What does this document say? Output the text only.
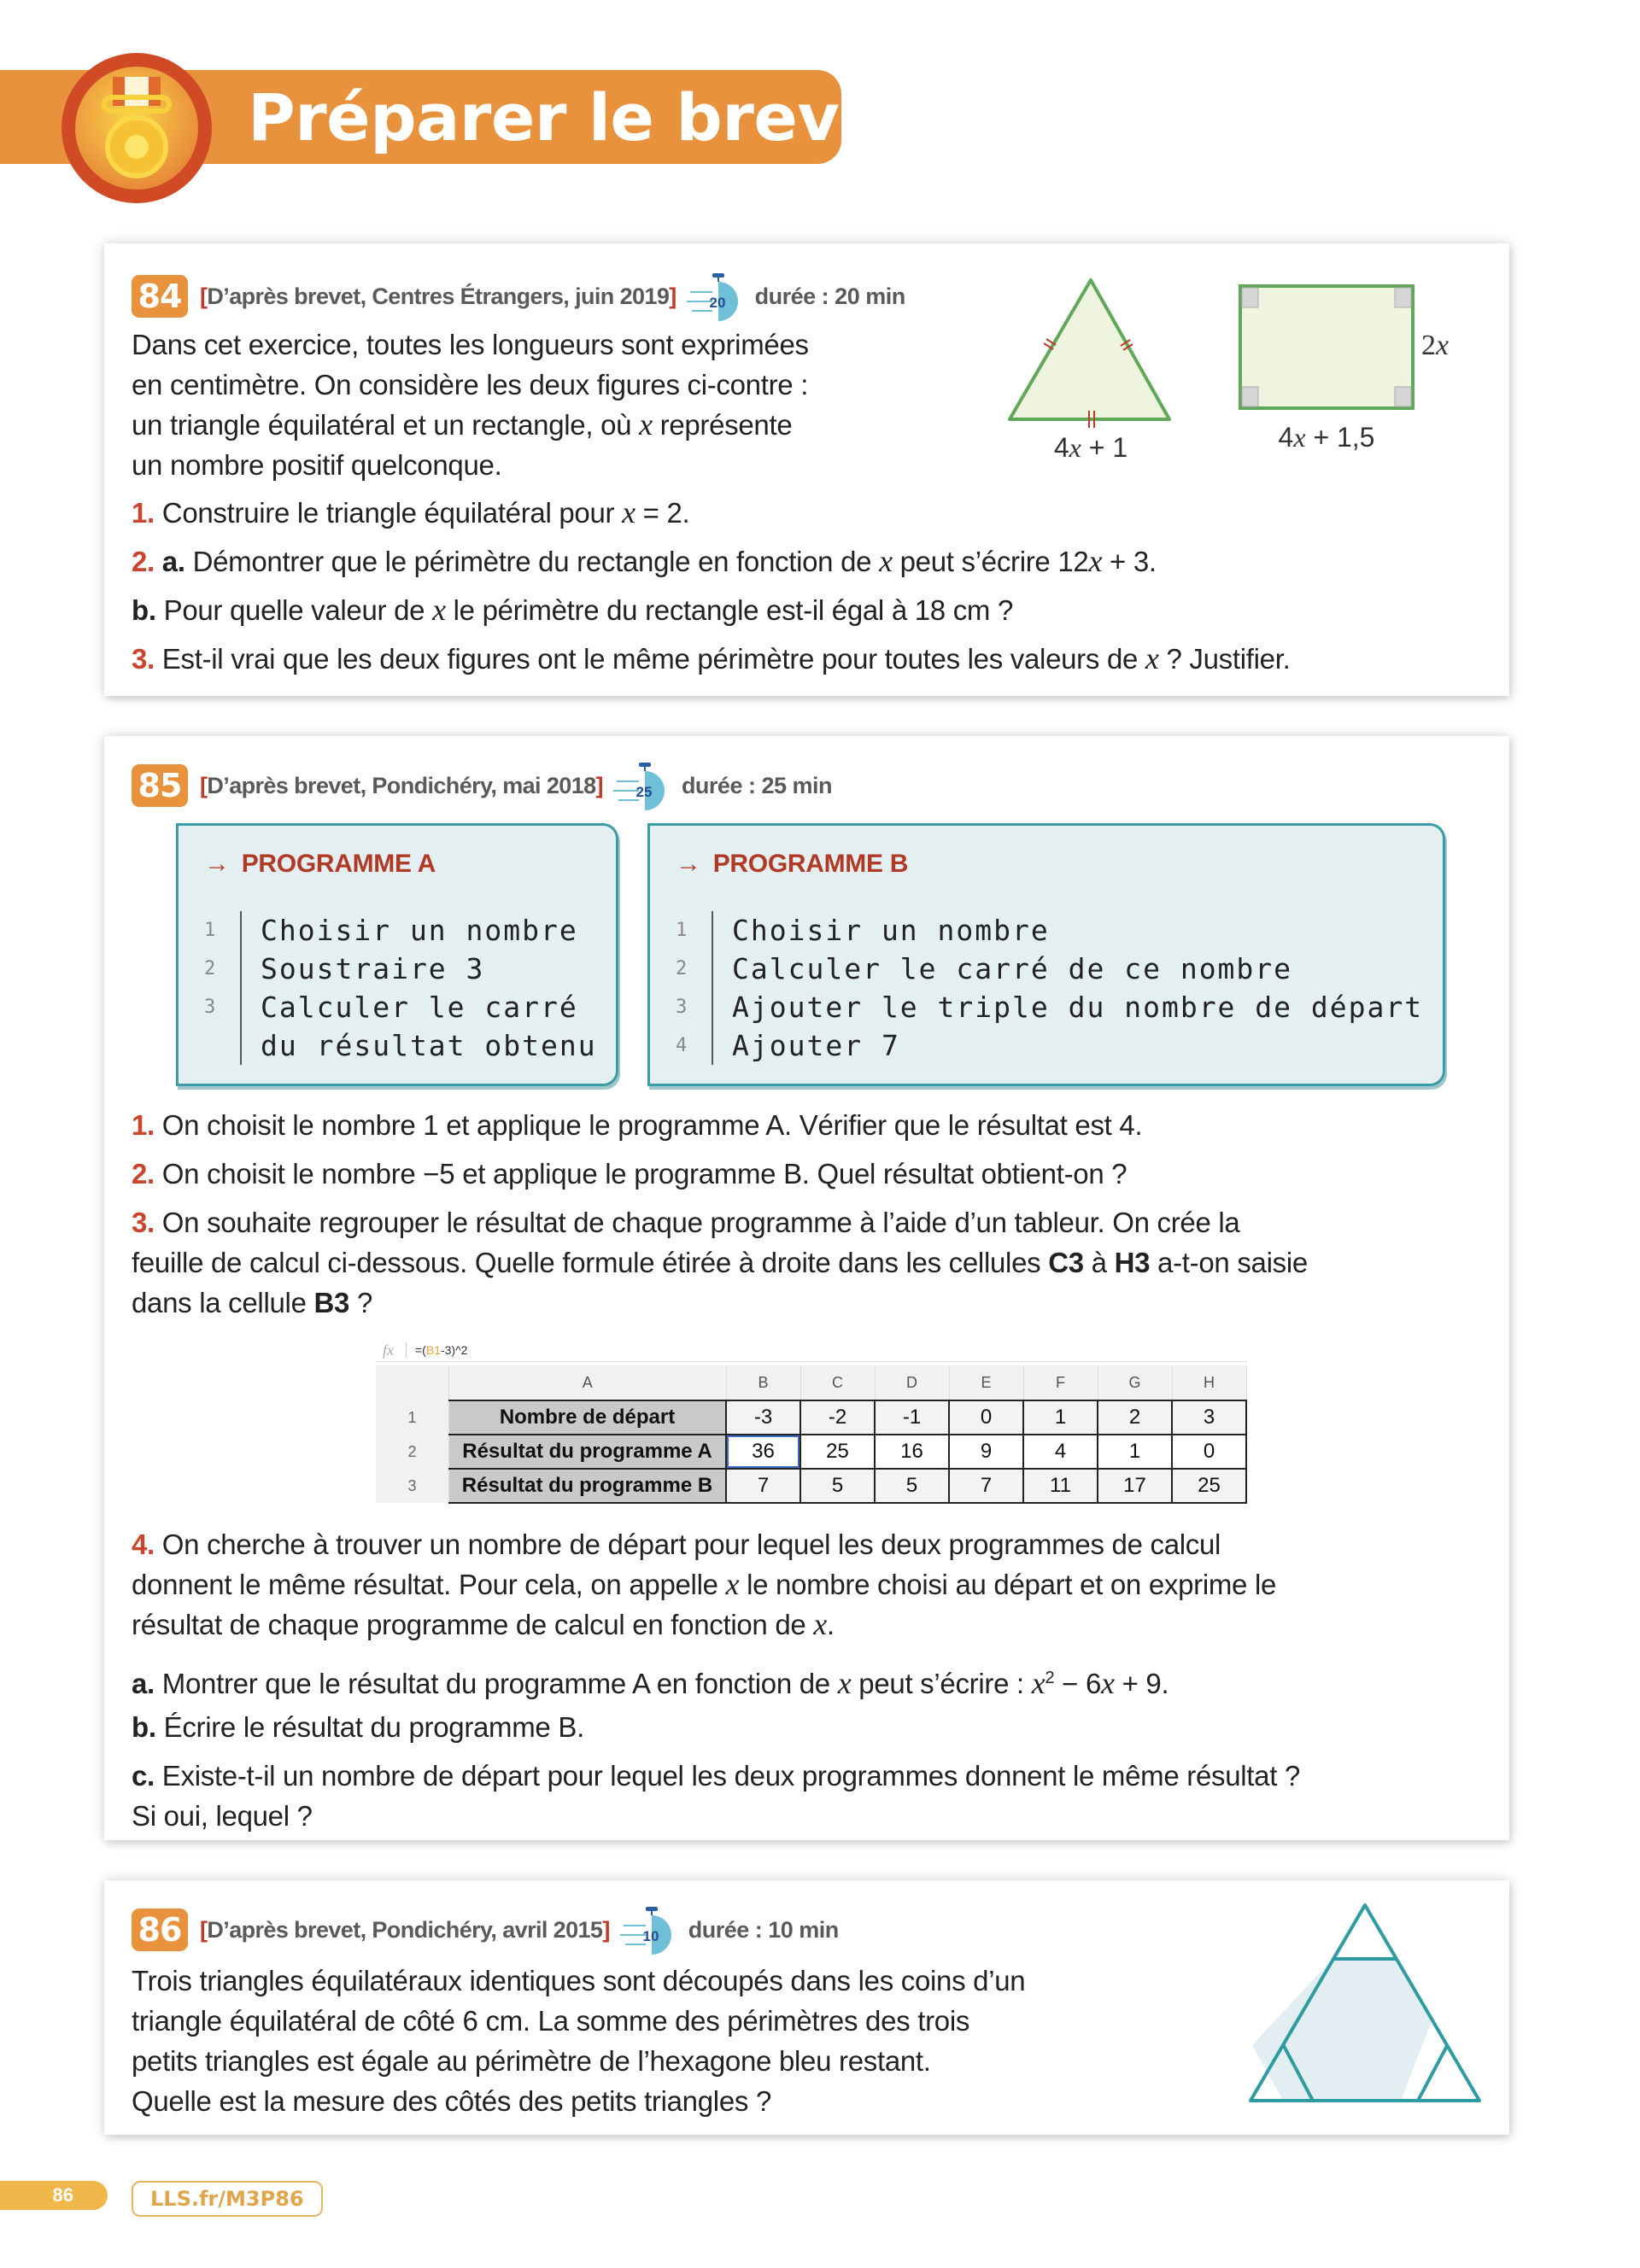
Préparer le brevet
84 [D’après brevet, Centres Étrangers, juin 2019] 20 durée : 20 min
Dans cet exercice, toutes les longueurs sont exprimées
en centimètre. On considère les deux figures ci-contre :
un triangle équilatéral et un rectangle, où x représente
un nombre positif quelconque.
4x + 1
2x
4x + 1,5
1. Construire le triangle équilatéral pour x = 2.
2. a. Démontrer que le périmètre du rectangle en fonction de x peut s’écrire 12x + 3.
b. Pour quelle valeur de x le périmètre du rectangle est-il égal à 18 cm ?
3. Est-il vrai que les deux figures ont le même périmètre pour toutes les valeurs de x ? Justifier.
85 [D’après brevet, Pondichéry, mai 2018] 25 durée : 25 min
→ PROGRAMME A
1	Choisir un nombre
2	Soustraire 3
3	Calculer le carré
du résultat obtenu
→ PROGRAMME B
1	Choisir un nombre
2	Calculer le carré de ce nombre
3	Ajouter le triple du nombre de départ
4	Ajouter 7
1. On choisit le nombre 1 et applique le programme A. Vérifier que le résultat est 4.
2. On choisit le nombre −5 et applique le programme B. Quel résultat obtient-on ?
3. On souhaite regrouper le résultat de chaque programme à l’aide d’un tableur. On crée la
feuille de calcul ci-dessous. Quelle formule étirée à droite dans les cellules C3 à H3 a-t-on saisie
dans la cellule B3 ?
fx =( B1 -3)^2
	A	B	C	D	E	F	G	H
1	Nombre de départ	-3	-2	-1	0	1	2	3
2	Résultat du programme A	36	25	16	9	4	1	0
3	Résultat du programme B	7	5	5	7	11	17	25
4. On cherche à trouver un nombre de départ pour lequel les deux programmes de calcul
donnent le même résultat. Pour cela, on appelle x le nombre choisi au départ et on exprime le
résultat de chaque programme de calcul en fonction de x.
a. Montrer que le résultat du programme A en fonction de x peut s’écrire : $x^2 - 6x + 9$.
b. Écrire le résultat du programme B.
c. Existe-t-il un nombre de départ pour lequel les deux programmes donnent le même résultat ?
Si oui, lequel ?
86 [D’après brevet, Pondichéry, avril 2015] 10 durée : 10 min
Trois triangles équilatéraux identiques sont découpés dans les coins d’un
triangle équilatéral de côté 6 cm. La somme des périmètres des trois
petits triangles est égale au périmètre de l’hexagone bleu restant.
Quelle est la mesure des côtés des petits triangles ?
86	LLS.fr/M3P86
